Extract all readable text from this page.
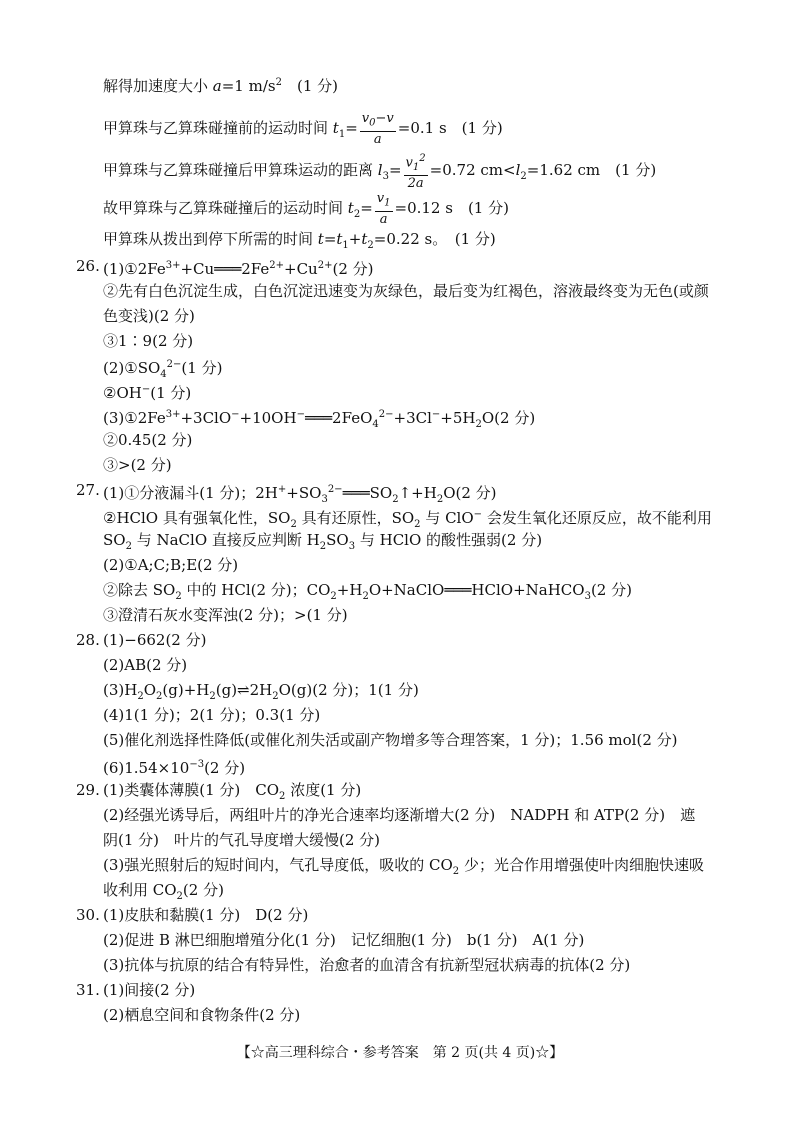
解得加速度大小 a=1 $m/s^2$　 (1 分)
甲算珠与乙算珠碰撞前的运动时间 $t_1= \frac{v_0-v}{a} =0.1$ s　(1 分)
甲算珠与乙算珠碰撞后甲算珠运动的距离 $l_3= \frac{v_1^2}{2a} =0.72$ $cm<l_2=1.62$ cm　(1 分)
故甲算珠与乙算珠碰撞后的运动时间 $t_2= \frac{v_1}{a} =0.12$ s　(1 分)
甲算珠从拨出到停下所需的时间 $t=t_1+t_2=0.22$ s。　(1 分)
26. $(1)①2Fe^{3+}+Cu═══2Fe^{2+}+Cu^{2+}(2$ 分)
②先有白色沉淀生成，白色沉淀迅速变为灰绿色，最后变为红褐色，溶液最终变为无色(或颜
色变浅)(2 分)
③1∶9(2 分)
$(2)①SO_4^{2-}(1$ 分)
②OH−(1 分)
$(3)①2Fe^{3+}+3ClO^-+10OH^-═══2FeO_4^{2-}+3Cl^-+5H_2O(2$ 分)
②0.45(2 分)
③>(2 分)
27. (1)①分液漏斗(1 分)；$2H^++SO_3^{2-}═══SO_2↑+H_2O(2$ 分)
②HClO 具有强氧化性，$SO_2$ 具有还原性，$SO_2$ 与 ClO− 会发生氧化还原反应，故不能利用
$SO_2$ 与 NaClO 直接反应判断 $H_2SO_3$ 与 HClO 的酸性强弱(2 分)
(2)①A;C;B;E(2 分)
②除去 $SO_2$ 中的 HCl(2 分)；$CO_2+H_2O+NaClO═══HClO+NaHCO_3(2$ 分)
③澄清石灰水变浑浊(2 分)；>(1 分)
28. (1)−662(2 分)
(2)AB(2 分)
$(3)H_2O_2(g)+H_2(g)\rightleftharpoons 2H_2O(g)(2$ 分)；1(1 分)
(4)1(1 分)；2(1 分)；0.3(1 分)
(5)催化剂选择性降低(或催化剂失活或副产物增多等合理答案，1 分)；1.56 mol(2 分)
$(6)1.54\times 10^{-3}(2$ 分)
29. (1)类囊体薄膜(1 分)　$CO_2$ 浓度(1 分)
(2)经强光诱导后，两组叶片的净光合速率均逐渐增大(2 分)　NADPH 和 ATP(2 分)　遮
阴(1 分)　叶片的气孔导度增大缓慢(2 分)
(3)强光照射后的短时间内，气孔导度低，吸收的 $CO_2$ 少；光合作用增强使叶肉细胞快速吸
收利用 $CO_2(2$ 分)
30. (1)皮肤和黏膜(1 分)　D(2 分)
(2)促进 B 淋巴细胞增殖分化(1 分)　记忆细胞(1 分)　b(1 分)　A(1 分)
(3)抗体与抗原的结合有特异性，治愈者的血清含有抗新型冠状病毒的抗体(2 分)
31. (1)间接(2 分)
(2)栖息空间和食物条件(2 分)
【☆高三理科综合・参考答案　第 2 页(共 4 页)☆】
